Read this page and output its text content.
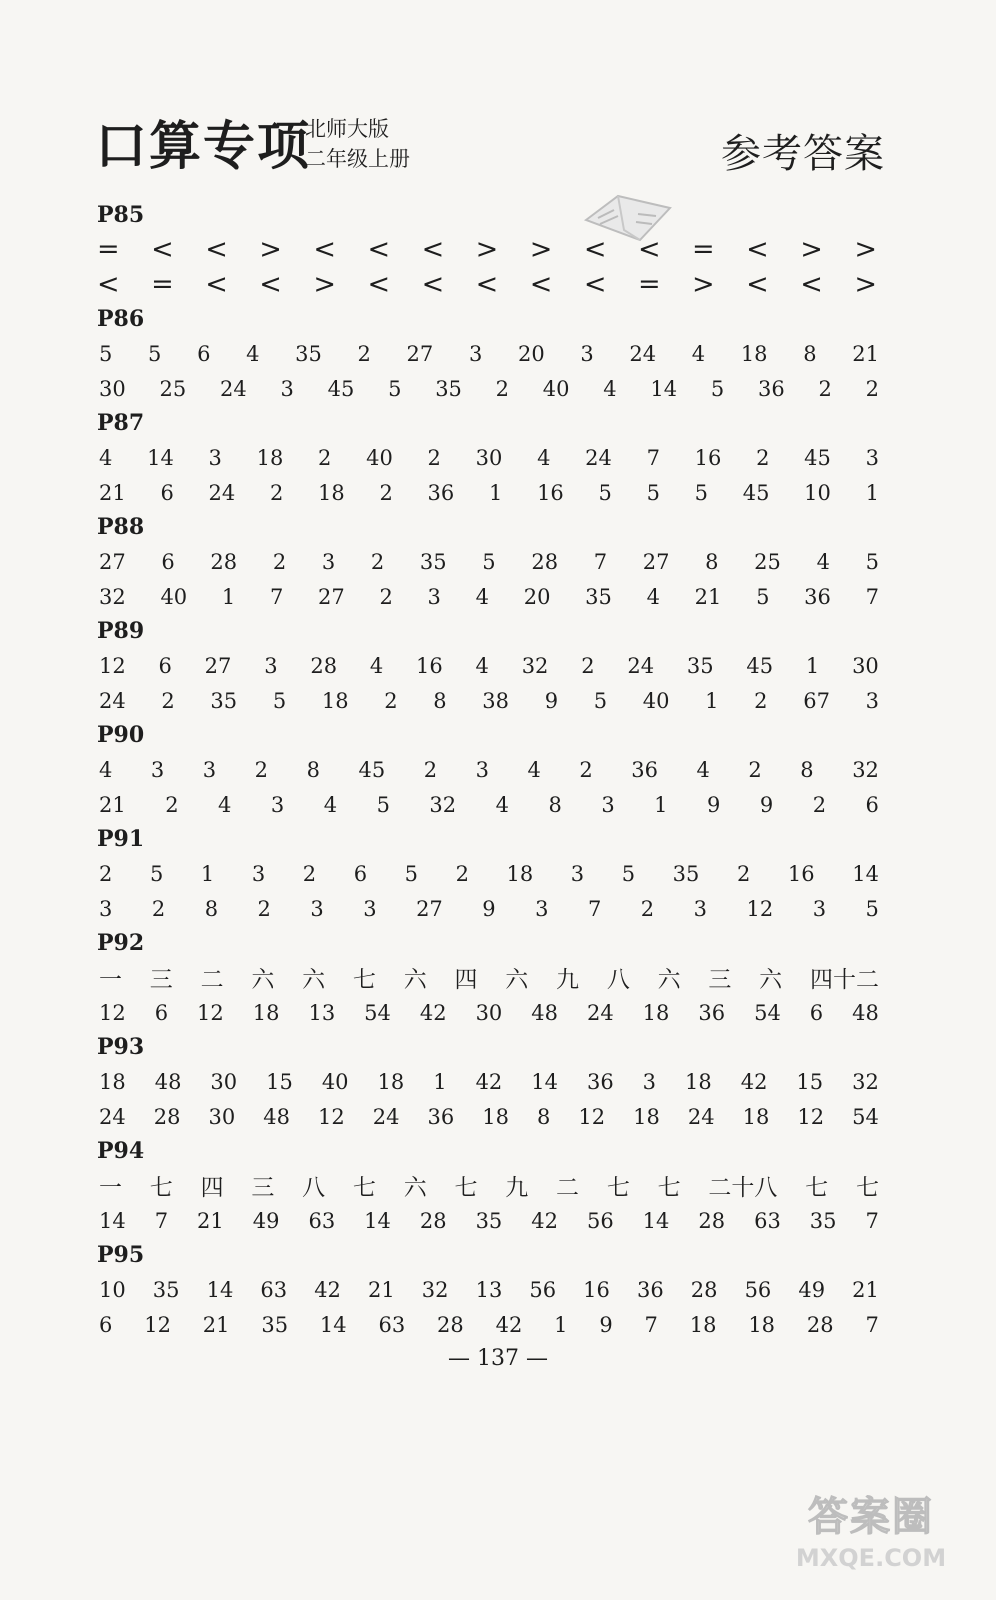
口算专项
北师大版
二年级上册	参考答案
P85
= < < > < < < > > < < = < > >
< = < < > < < < < < = > < < >
P86
5 5 6 4 35 2 27 3 20 3 24 4 18 8 21
30 25 24 3 45 5 35 2 40 4 14 5 36 2 2
P87
4 14 3 18 2 40 2 30 4 24 7 16 2 45 3
21 6 24 2 18 2 36 1 16 5 5 5 45 10 1
P88
27 6 28 2 3 2 35 5 28 7 27 8 25 4 5
32 40 1 7 27 2 3 4 20 35 4 21 5 36 7
P89
12 6 27 3 28 4 16 4 32 2 24 35 45 1 30
24 2 35 5 18 2 8 38 9 5 40 1 2 67 3
P90
4 3 3 2 8 45 2 3 4 2 36 4 2 8 32
21 2 4 3 4 5 32 4 8 3 1 9 9 2 6
P91
2 5 1 3 2 6 5 2 18 3 5 35 2 16 14
3 2 8 2 3 3 27 9 3 7 2 3 12 3 5
P92
一 三 二 六 六 七 六 四 六 九 八 六 三 六 四十二
12 6 12 18 13 54 42 30 48 24 18 36 54 6 48
P93
18 48 30 15 40 18 1 42 14 36 3 18 42 15 32
24 28 30 48 12 24 36 18 8 12 18 24 18 12 54
P94
一 七 四 三 八 七 六 七 九 二 七 七 二十八 七 七
14 7 21 49 63 14 28 35 42 56 14 28 63 35 7
P95
10 35 14 63 42 21 32 13 56 16 36 28 56 49 21
6 12 21 35 14 63 28 42 1 9 7 18 18 28 7
— 137 —
答案圈
MXQE.COM
